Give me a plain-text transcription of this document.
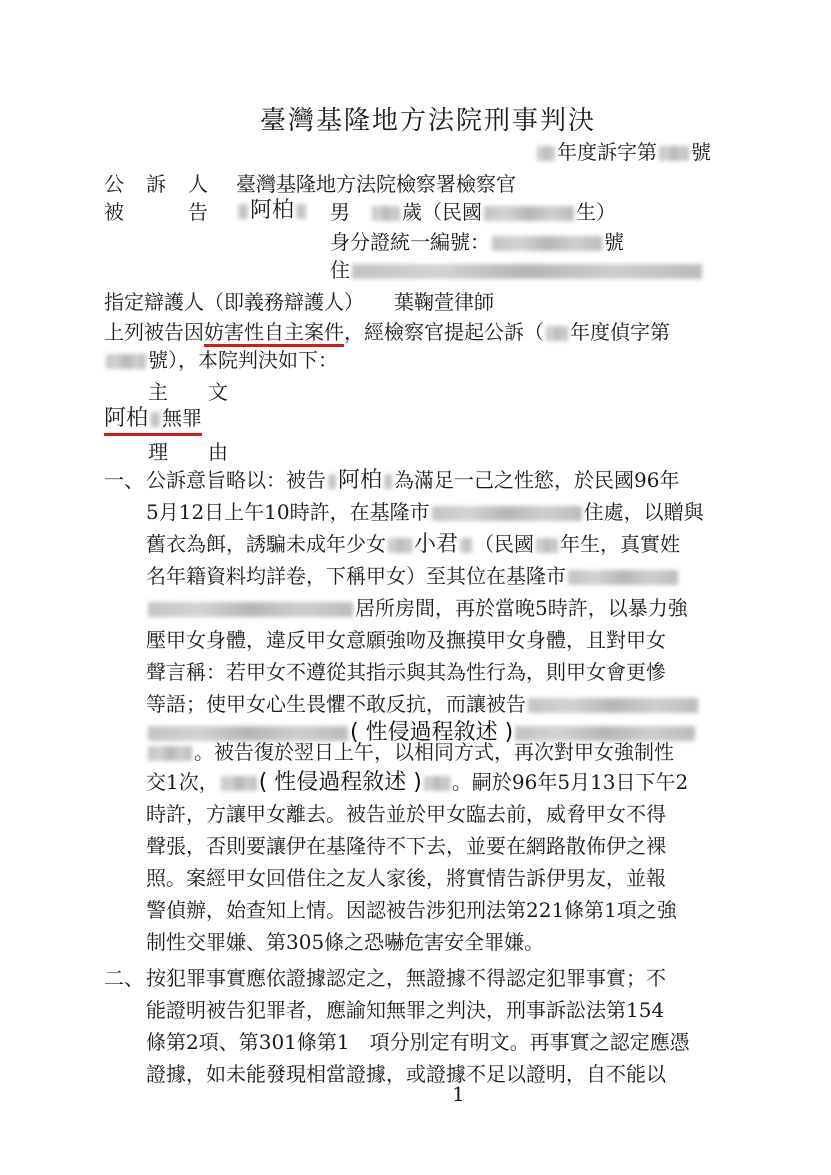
臺灣基隆地方法院刑事判決
年度訴字第 號
公　訴　人 臺灣基隆地方法院檢察署檢察官
被　　　告	阿柏	男　	歲（民國	生）
身分證統一編號：	號
住
指定辯護人（即義務辯護人）　　 葉鞠萱律師
上列被告因妨害性自主案件，經檢察官提起公訴（ 年度偵字第
號），本院判決如下：
主　　文
阿柏 無罪
理　　由
一、 公訴意旨略以：被告 阿柏 為滿足一己之性慾，於民國96年
5月12日上午10時許，在基隆市	住處，以贈與
舊衣為餌，誘騙未成年少女 小君 （民國 年生，真實姓
名年籍資料均詳卷，下稱甲女）至其位在基隆市
居所房間，再於當晚5時許，以暴力強
壓甲女身體，違反甲女意願強吻及撫摸甲女身體，且對甲女
聲言稱：若甲女不遵從其指示與其為性行為，則甲女會更慘
等語；使甲女心生畏懼不敢反抗，而讓被告
( 性侵過程敘述 )
。被告復於翌日上午，以相同方式，再次對甲女強制性
交1次， ( 性侵過程敘述 ) 。嗣於96年5月13日下午2
時許，方讓甲女離去。被告並於甲女臨去前，威脅甲女不得
聲張，否則要讓伊在基隆待不下去，並要在網路散佈伊之裸
照。案經甲女回借住之友人家後，將實情告訴伊男友，並報
警偵辦，始查知上情。因認被告涉犯刑法第221條第1項之強
制性交罪嫌、第305條之恐嚇危害安全罪嫌。
二、 按犯罪事實應依證據認定之，無證據不得認定犯罪事實；不
能證明被告犯罪者，應諭知無罪之判決，刑事訴訟法第154
條第2項、第301條第1　項分別定有明文。再事實之認定應憑
證據，如未能發現相當證據，或證據不足以證明，自不能以
1
